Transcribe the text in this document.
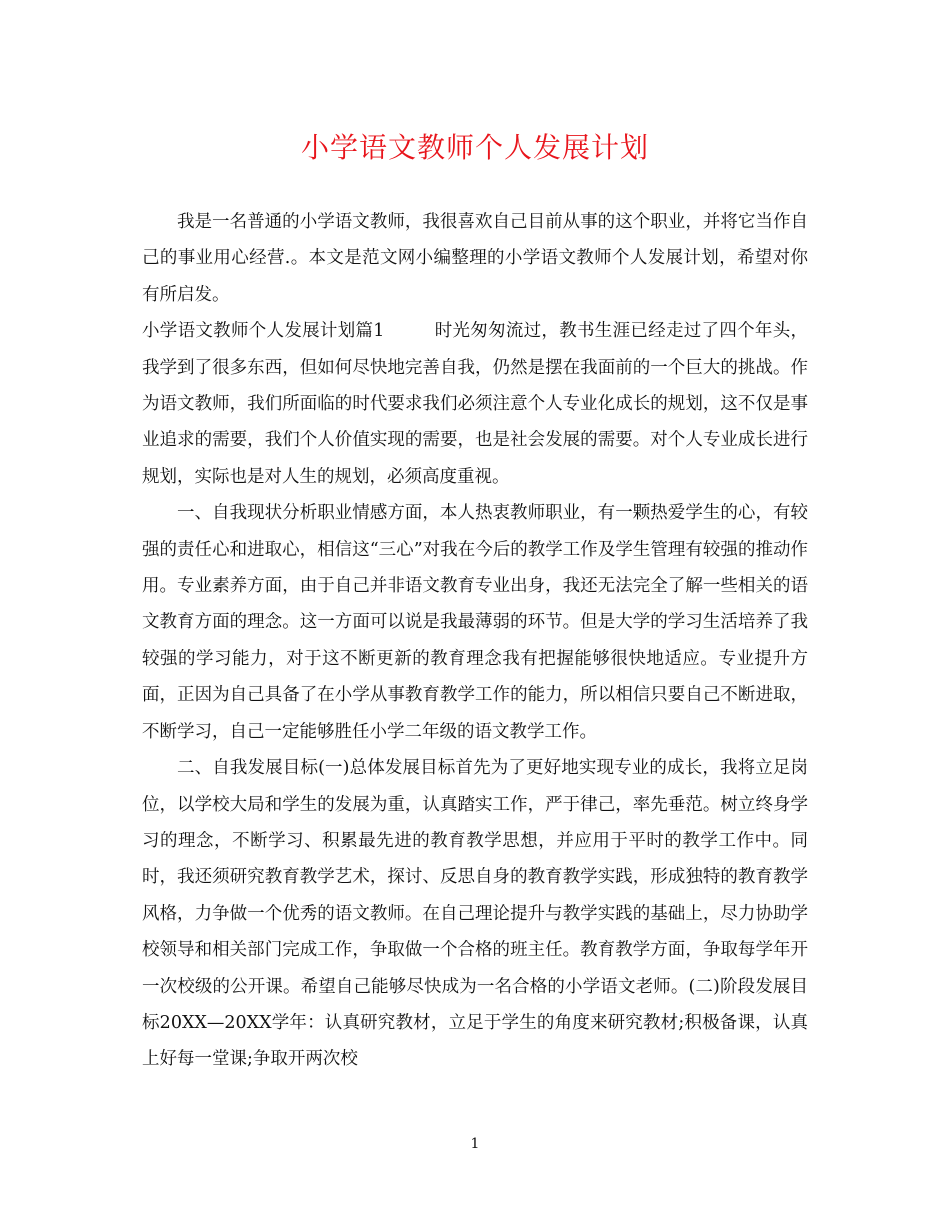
小学语文教师个人发展计划

我是一名普通的小学语文教师，我很喜欢自己目前从事的这个职业，并将它当作自己的事业用心经营.。本文是范文网小编整理的小学语文教师个人发展计划，希望对你有所启发。

小学语文教师个人发展计划篇1	时光匆匆流过，教书生涯已经走过了四个年头，我学到了很多东西，但如何尽快地完善自我，仍然是摆在我面前的一个巨大的挑战。作为语文教师，我们所面临的时代要求我们必须注意个人专业化成长的规划，这不仅是事业追求的需要，我们个人价值实现的需要，也是社会发展的需要。对个人专业成长进行规划，实际也是对人生的规划，必须高度重视。

一、自我现状分析职业情感方面，本人热衷教师职业，有一颗热爱学生的心，有较强的责任心和进取心，相信这“三心”对我在今后的教学工作及学生管理有较强的推动作用。专业素养方面，由于自己并非语文教育专业出身，我还无法完全了解一些相关的语文教育方面的理念。这一方面可以说是我最薄弱的环节。但是大学的学习生活培养了我较强的学习能力，对于这不断更新的教育理念我有把握能够很快地适应。专业提升方面，正因为自己具备了在小学从事教育教学工作的能力，所以相信只要自己不断进取，不断学习，自己一定能够胜任小学二年级的语文教学工作。

二、自我发展目标(一)总体发展目标首先为了更好地实现专业的成长，我将立足岗位，以学校大局和学生的发展为重，认真踏实工作，严于律己，率先垂范。树立终身学习的理念，不断学习、积累最先进的教育教学思想，并应用于平时的教学工作中。同时，我还须研究教育教学艺术，探讨、反思自身的教育教学实践，形成独特的教育教学风格，力争做一个优秀的语文教师。在自己理论提升与教学实践的基础上，尽力协助学校领导和相关部门完成工作，争取做一个合格的班主任。教育教学方面，争取每学年开一次校级的公开课。希望自己能够尽快成为一名合格的小学语文老师。(二)阶段发展目标20XX—20XX学年：认真研究教材，立足于学生的角度来研究教材;积极备课，认真上好每一堂课;争取开两次校

1
